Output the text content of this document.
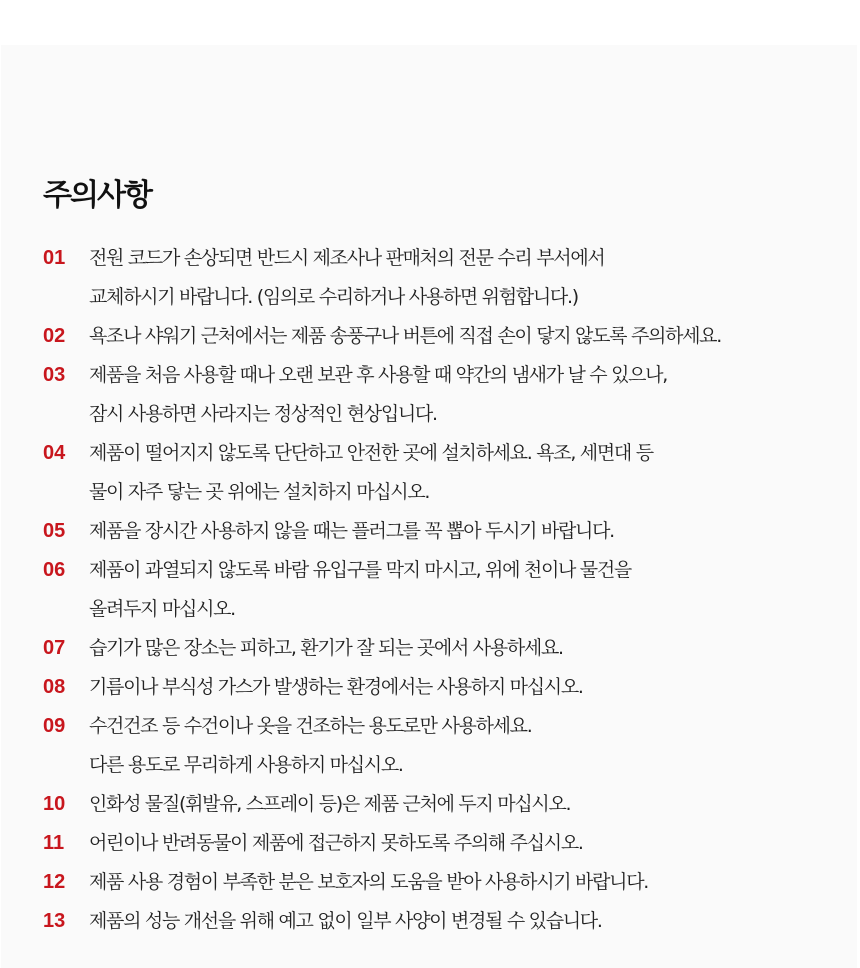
주의사항
01	전원 코드가 손상되면 반드시 제조사나 판매처의 전문 수리 부서에서
교체하시기 바랍니다. (임의로 수리하거나 사용하면 위험합니다.)
02	욕조나 샤워기 근처에서는 제품 송풍구나 버튼에 직접 손이 닿지 않도록 주의하세요.
03	제품을 처음 사용할 때나 오랜 보관 후 사용할 때 약간의 냄새가 날 수 있으나,
잠시 사용하면 사라지는 정상적인 현상입니다.
04	제품이 떨어지지 않도록 단단하고 안전한 곳에 설치하세요. 욕조, 세면대 등
물이 자주 닿는 곳 위에는 설치하지 마십시오.
05	제품을 장시간 사용하지 않을 때는 플러그를 꼭 뽑아 두시기 바랍니다.
06	제품이 과열되지 않도록 바람 유입구를 막지 마시고, 위에 천이나 물건을
올려두지 마십시오.
07	습기가 많은 장소는 피하고, 환기가 잘 되는 곳에서 사용하세요.
08	기름이나 부식성 가스가 발생하는 환경에서는 사용하지 마십시오.
09	수건건조 등 수건이나 옷을 건조하는 용도로만 사용하세요.
다른 용도로 무리하게 사용하지 마십시오.
10	인화성 물질(휘발유, 스프레이 등)은 제품 근처에 두지 마십시오.
11	어린이나 반려동물이 제품에 접근하지 못하도록 주의해 주십시오.
12	제품 사용 경험이 부족한 분은 보호자의 도움을 받아 사용하시기 바랍니다.
13	제품의 성능 개선을 위해 예고 없이 일부 사양이 변경될 수 있습니다.
